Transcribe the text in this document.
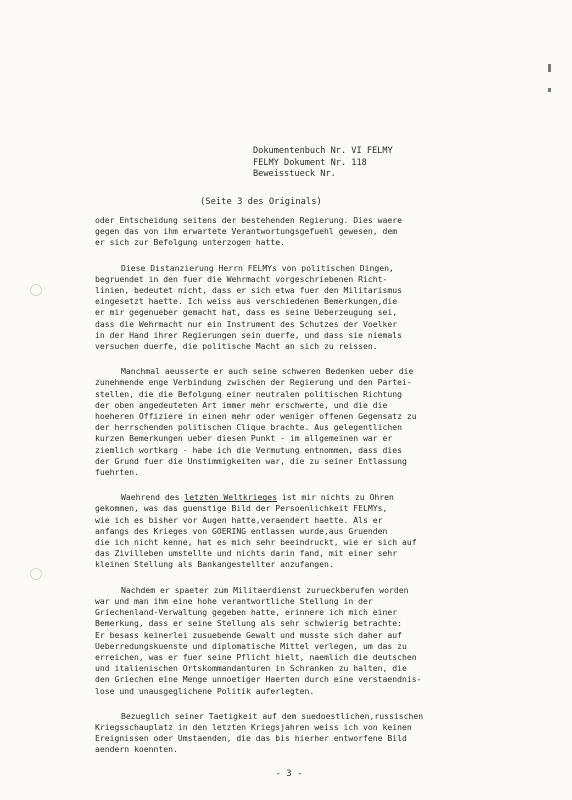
Dokumentenbuch Nr. VI FELMY
FELMY Dokument Nr. 118
Beweisstueck Nr.
(Seite 3 des Originals)

oder Entscheidung seitens der bestehenden Regierung. Dies waere
gegen das von ihm erwartete Verantwortungsgefuehl gewesen, dem
er sich zur Befolgung unterzogen hatte.

Diese Distanzierung Herrn FELMYs von politischen Dingen,
begruendet in den fuer die Wehrmacht vorgeschriebenen Richt-
linien, bedeutet nicht, dass er sich etwa fuer den Militarismus
eingesetzt haette. Ich weiss aus verschiedenen Bemerkungen,die
er mir gegenueber gemacht hat, dass es seine Ueberzeugung sei,
dass die Wehrmacht nur ein Instrument des Schutzes der Voelker
in der Hand ihrer Regierungen sein duerfe, und dass sie niemals
versuchen duerfe, die politische Macht an sich zu reissen.

Manchmal aeusserte er auch seine schweren Bedenken ueber die
zunehmende enge Verbindung zwischen der Regierung und den Partei-
stellen, die die Befolgung einer neutralen politischen Richtung
der oben angedeuteten Art immer mehr erschwerte, und die die
hoeheren Offiziere in einen mehr oder weniger offenen Gegensatz zu
der herrschenden politischen Clique brachte. Aus gelegentlichen
kurzen Bemerkungen ueber diesen Punkt - im allgemeinen war er
ziemlich wortkarg - habe ich die Vermutung entnommen, dass dies
der Grund fuer die Unstimmigkeiten war, die zu seiner Entlassung
fuehrten.

Waehrend des letzten Weltkrieges ist mir nichts zu Ohren
gekommen, was das guenstige Bild der Persoenlichkeit FELMYs,
wie ich es bisher vor Augen hatte,veraendert haette. Als er
anfangs des Krieges von GOERING entlassen wurde,aus Gruenden
die ich nicht kenne, hat es mich sehr beeindruckt, wie er sich auf
das Zivilleben umstellte und nichts darin fand, mit einer sehr
kleinen Stellung als Bankangestellter anzufangen.

Nachdem er spaeter zum Militaerdienst zurueckberufen worden
war und man ihm eine hohe verantwortliche Stellung in der
Griechenland-Verwaltung gegeben hatte, erinnere ich mich einer
Bemerkung, dass er seine Stellung als sehr schwierig betrachte:
Er besass keinerlei zusuebende Gewalt und musste sich daher auf
Ueberredungskuenste und diplomatische Mittel verlegen, um das zu
erreichen, was er fuer seine Pflicht hielt, naemlich die deutschen
und italienischen Ortskommandanturen in Schranken zu halten, die
den Griechen eine Menge unnoetiger Haerten durch eine verstaendnis-
lose und unausgeglichene Politik auferlegten.

Bezueglich seiner Taetigkeit auf dem suedoestlichen,russischen
Kriegsschauplatz in den letzten Kriegsjahren weiss ich von keinen
Ereignissen oder Umstaenden, die das bis hierher entworfene Bild
aendern koennten.

- 3 -
